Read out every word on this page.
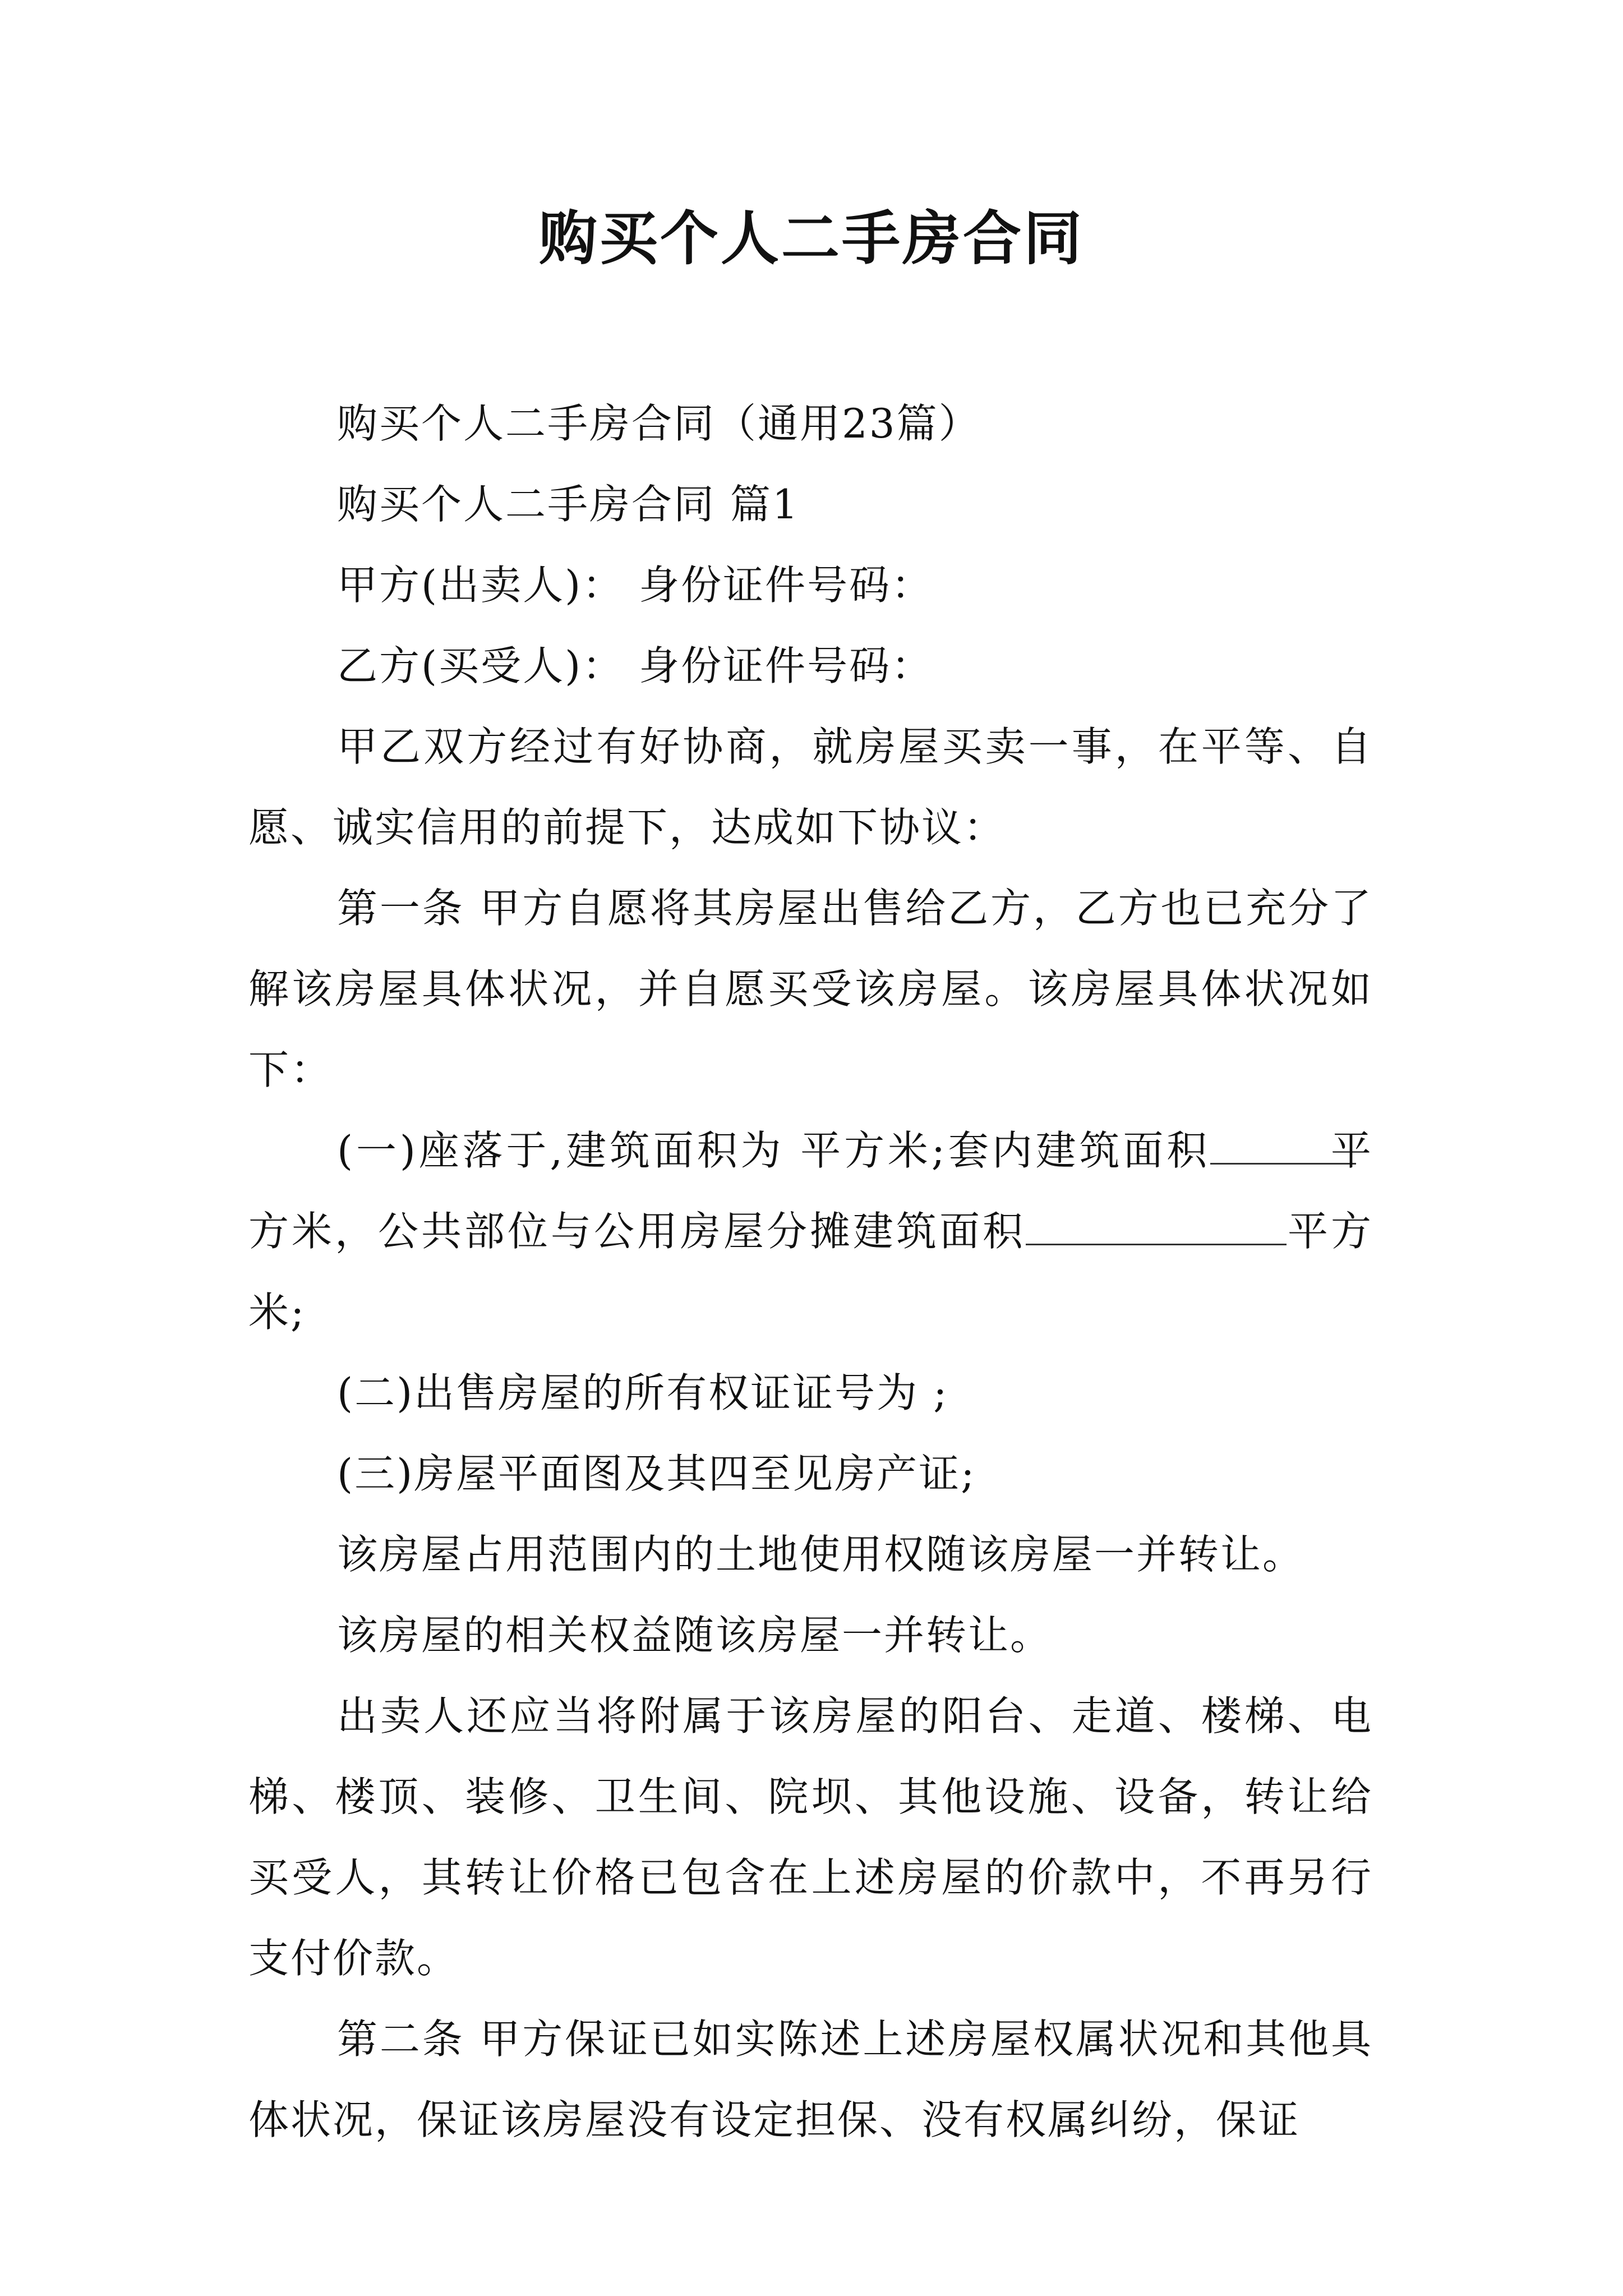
购买个人二手房合同

购买个人二手房合同（通用23篇）

购买个人二手房合同 篇1

甲方(出卖人)： 身份证件号码：

乙方(买受人)： 身份证件号码：

甲乙双方经过有好协商，就房屋买卖一事，在平等、自愿、诚实信用的前提下，达成如下协议：

第一条 甲方自愿将其房屋出售给乙方，乙方也已充分了解该房屋具体状况，并自愿买受该房屋。该房屋具体状况如下：

(一)座落于,建筑面积为 平方米;套内建筑面积	平方米，公共部位与公用房屋分摊建筑面积	平方米;

(二)出售房屋的所有权证证号为 ;

(三)房屋平面图及其四至见房产证;

该房屋占用范围内的土地使用权随该房屋一并转让。

该房屋的相关权益随该房屋一并转让。

出卖人还应当将附属于该房屋的阳台、走道、楼梯、电梯、楼顶、装修、卫生间、院坝、其他设施、设备，转让给买受人，其转让价格已包含在上述房屋的价款中，不再另行支付价款。

第二条 甲方保证已如实陈述上述房屋权属状况和其他具体状况，保证该房屋没有设定担保、没有权属纠纷，保证
